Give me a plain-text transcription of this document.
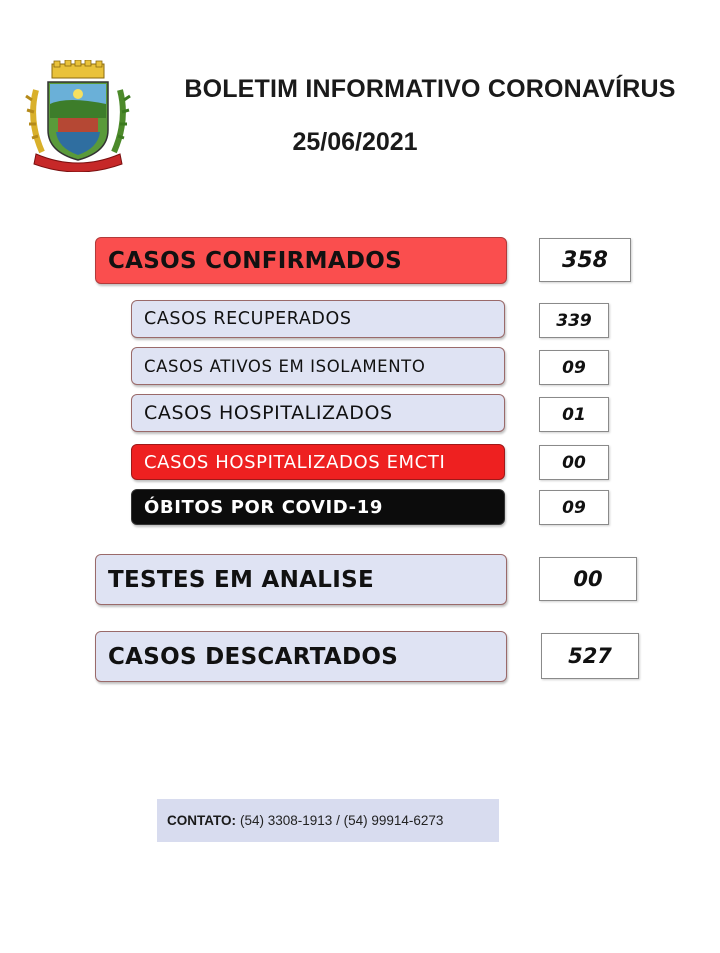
BOLETIM INFORMATIVO CORONAVÍRUS
25/06/2021
CASOS CONFIRMADOS	358
CASOS RECUPERADOS	339
CASOS ATIVOS EM ISOLAMENTO	09
CASOS HOSPITALIZADOS	01
CASOS HOSPITALIZADOS EMCTI	00
ÓBITOS POR COVID-19	09
TESTES EM ANALISE	00
CASOS DESCARTADOS	527
CONTATO: (54) 3308-1913 / (54) 99914-6273
